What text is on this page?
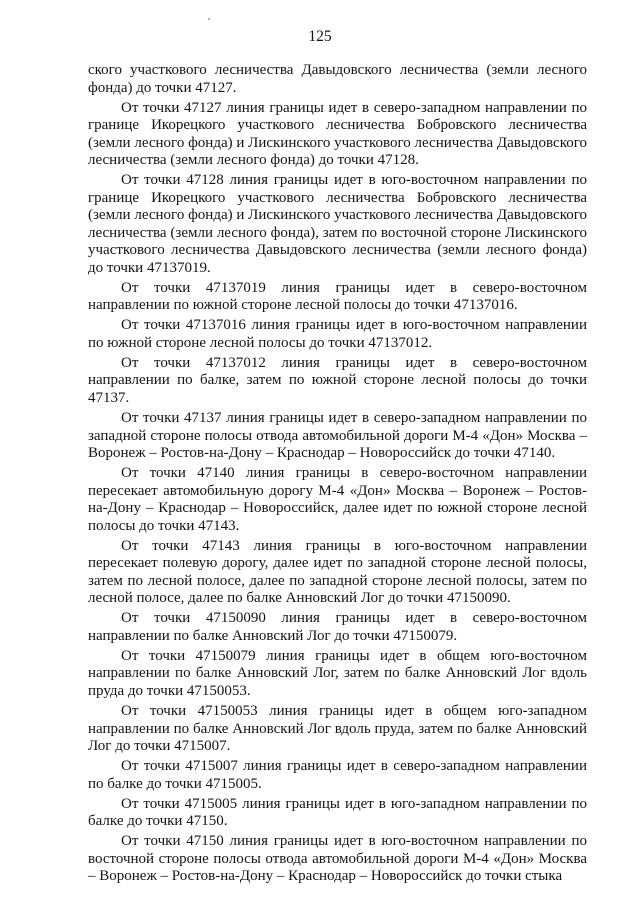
125

ского участкового лесничества Давыдовского лесничества (земли лесного фонда) до точки 47127.

От точки 47127 линия границы идет в северо-западном направлении по границе Икорецкого участкового лесничества Бобровского лесничества (земли лесного фонда) и Лискинского участкового лесничества Давыдовского лесничества (земли лесного фонда) до точки 47128.

От точки 47128 линия границы идет в юго-восточном направлении по границе Икорецкого участкового лесничества Бобровского лесничества (земли лесного фонда) и Лискинского участкового лесничества Давыдовского лесничества (земли лесного фонда), затем по восточной стороне Лискинского участкового лесничества Давыдовского лесничества (земли лесного фонда) до точки 47137019.

От точки 47137019 линия границы идет в северо-восточном направлении по южной стороне лесной полосы до точки 47137016.

От точки 47137016 линия границы идет в юго-восточном направлении по южной стороне лесной полосы до точки 47137012.

От точки 47137012 линия границы идет в северо-восточном направлении по балке, затем по южной стороне лесной полосы до точки 47137.

От точки 47137 линия границы идет в северо-западном направлении по западной стороне полосы отвода автомобильной дороги М-4 «Дон» Москва – Воронеж – Ростов-на-Дону – Краснодар – Новороссийск до точки 47140.

От точки 47140 линия границы в северо-восточном направлении пересекает автомобильную дорогу М-4 «Дон» Москва – Воронеж – Ростов-на-Дону – Краснодар – Новороссийск, далее идет по южной стороне лесной полосы до точки 47143.

От точки 47143 линия границы в юго-восточном направлении пересекает полевую дорогу, далее идет по западной стороне лесной полосы, затем по лесной полосе, далее по западной стороне лесной полосы, затем по лесной полосе, далее по балке Анновский Лог до точки 47150090.

От точки 47150090 линия границы идет в северо-восточном направлении по балке Анновский Лог до точки 47150079.

От точки 47150079 линия границы идет в общем юго-восточном направлении по балке Анновский Лог, затем по балке Анновский Лог вдоль пруда до точки 47150053.

От точки 47150053 линия границы идет в общем юго-западном направлении по балке Анновский Лог вдоль пруда, затем по балке Анновский Лог до точки 4715007.

От точки 4715007 линия границы идет в северо-западном направлении по балке до точки 4715005.

От точки 4715005 линия границы идет в юго-западном направлении по балке до точки 47150.

От точки 47150 линия границы идет в юго-восточном направлении по восточной стороне полосы отвода автомобильной дороги М-4 «Дон» Москва – Воронеж – Ростов-на-Дону – Краснодар – Новороссийск до точки стыка
